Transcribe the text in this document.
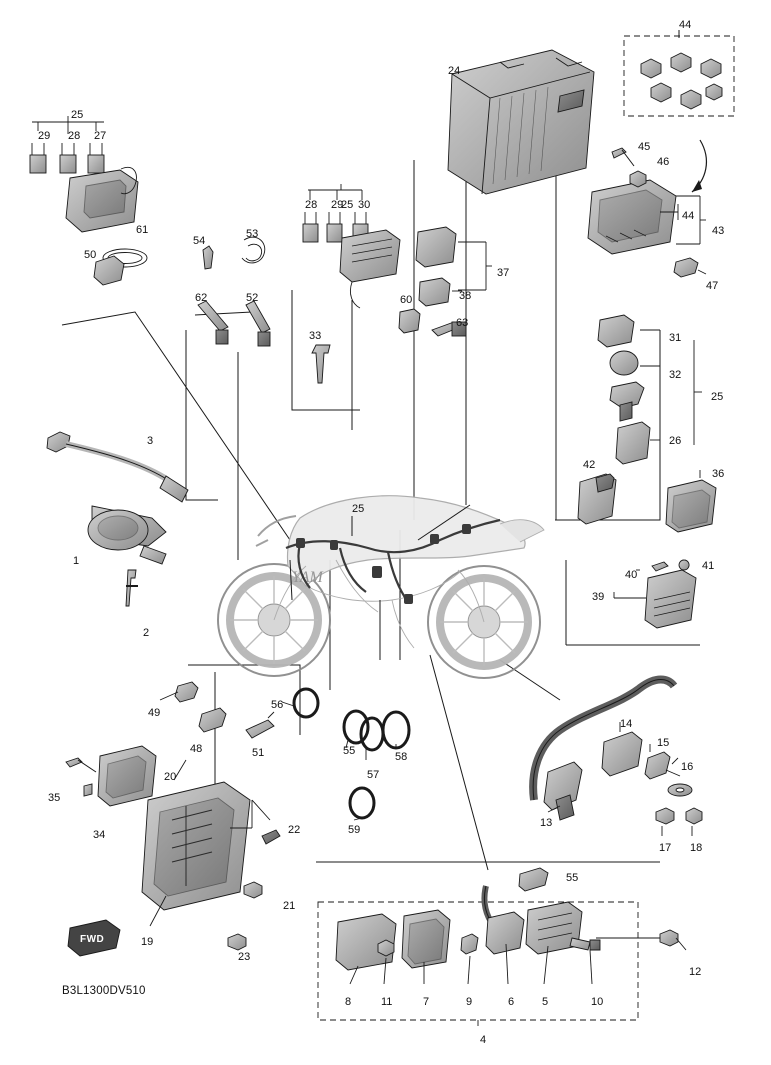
YAM
FWD
B3L1300DV510
1
2
3
4
5
6
7
8	9	10
11
12
13
14
15
16
17 18
19
20
21
22
23
24
25
25
25
25
26
27
28
28
29
29 30
31
32
33
34
35
36
37
38
39
40
41
42
43
44
44
45
46
47
48
49
50
51
52
53
54
55
55
56
57
58
59
60
61
62
63
